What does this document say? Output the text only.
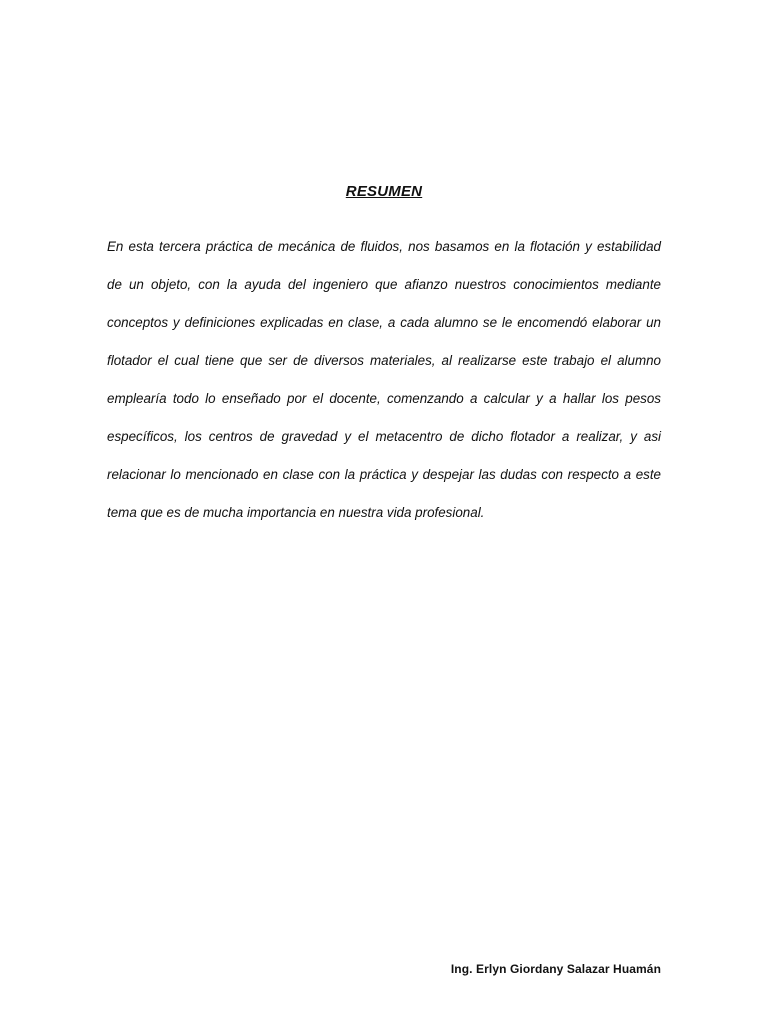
RESUMEN
En esta tercera práctica de mecánica de fluidos, nos basamos en la flotación y estabilidad
de un objeto, con la ayuda del ingeniero que afianzo nuestros conocimientos mediante
conceptos y definiciones explicadas en clase, a cada alumno se le encomendó elaborar un
flotador el cual tiene que ser de diversos materiales, al realizarse este trabajo el alumno
emplearía todo lo enseñado por el docente, comenzando a calcular y a hallar los pesos
específicos, los centros de gravedad y el metacentro de dicho flotador a realizar, y asi
relacionar lo mencionado en clase con la práctica y despejar las dudas con respecto a este
tema que es de mucha importancia en nuestra vida profesional.
Ing. Erlyn Giordany Salazar Huamán
